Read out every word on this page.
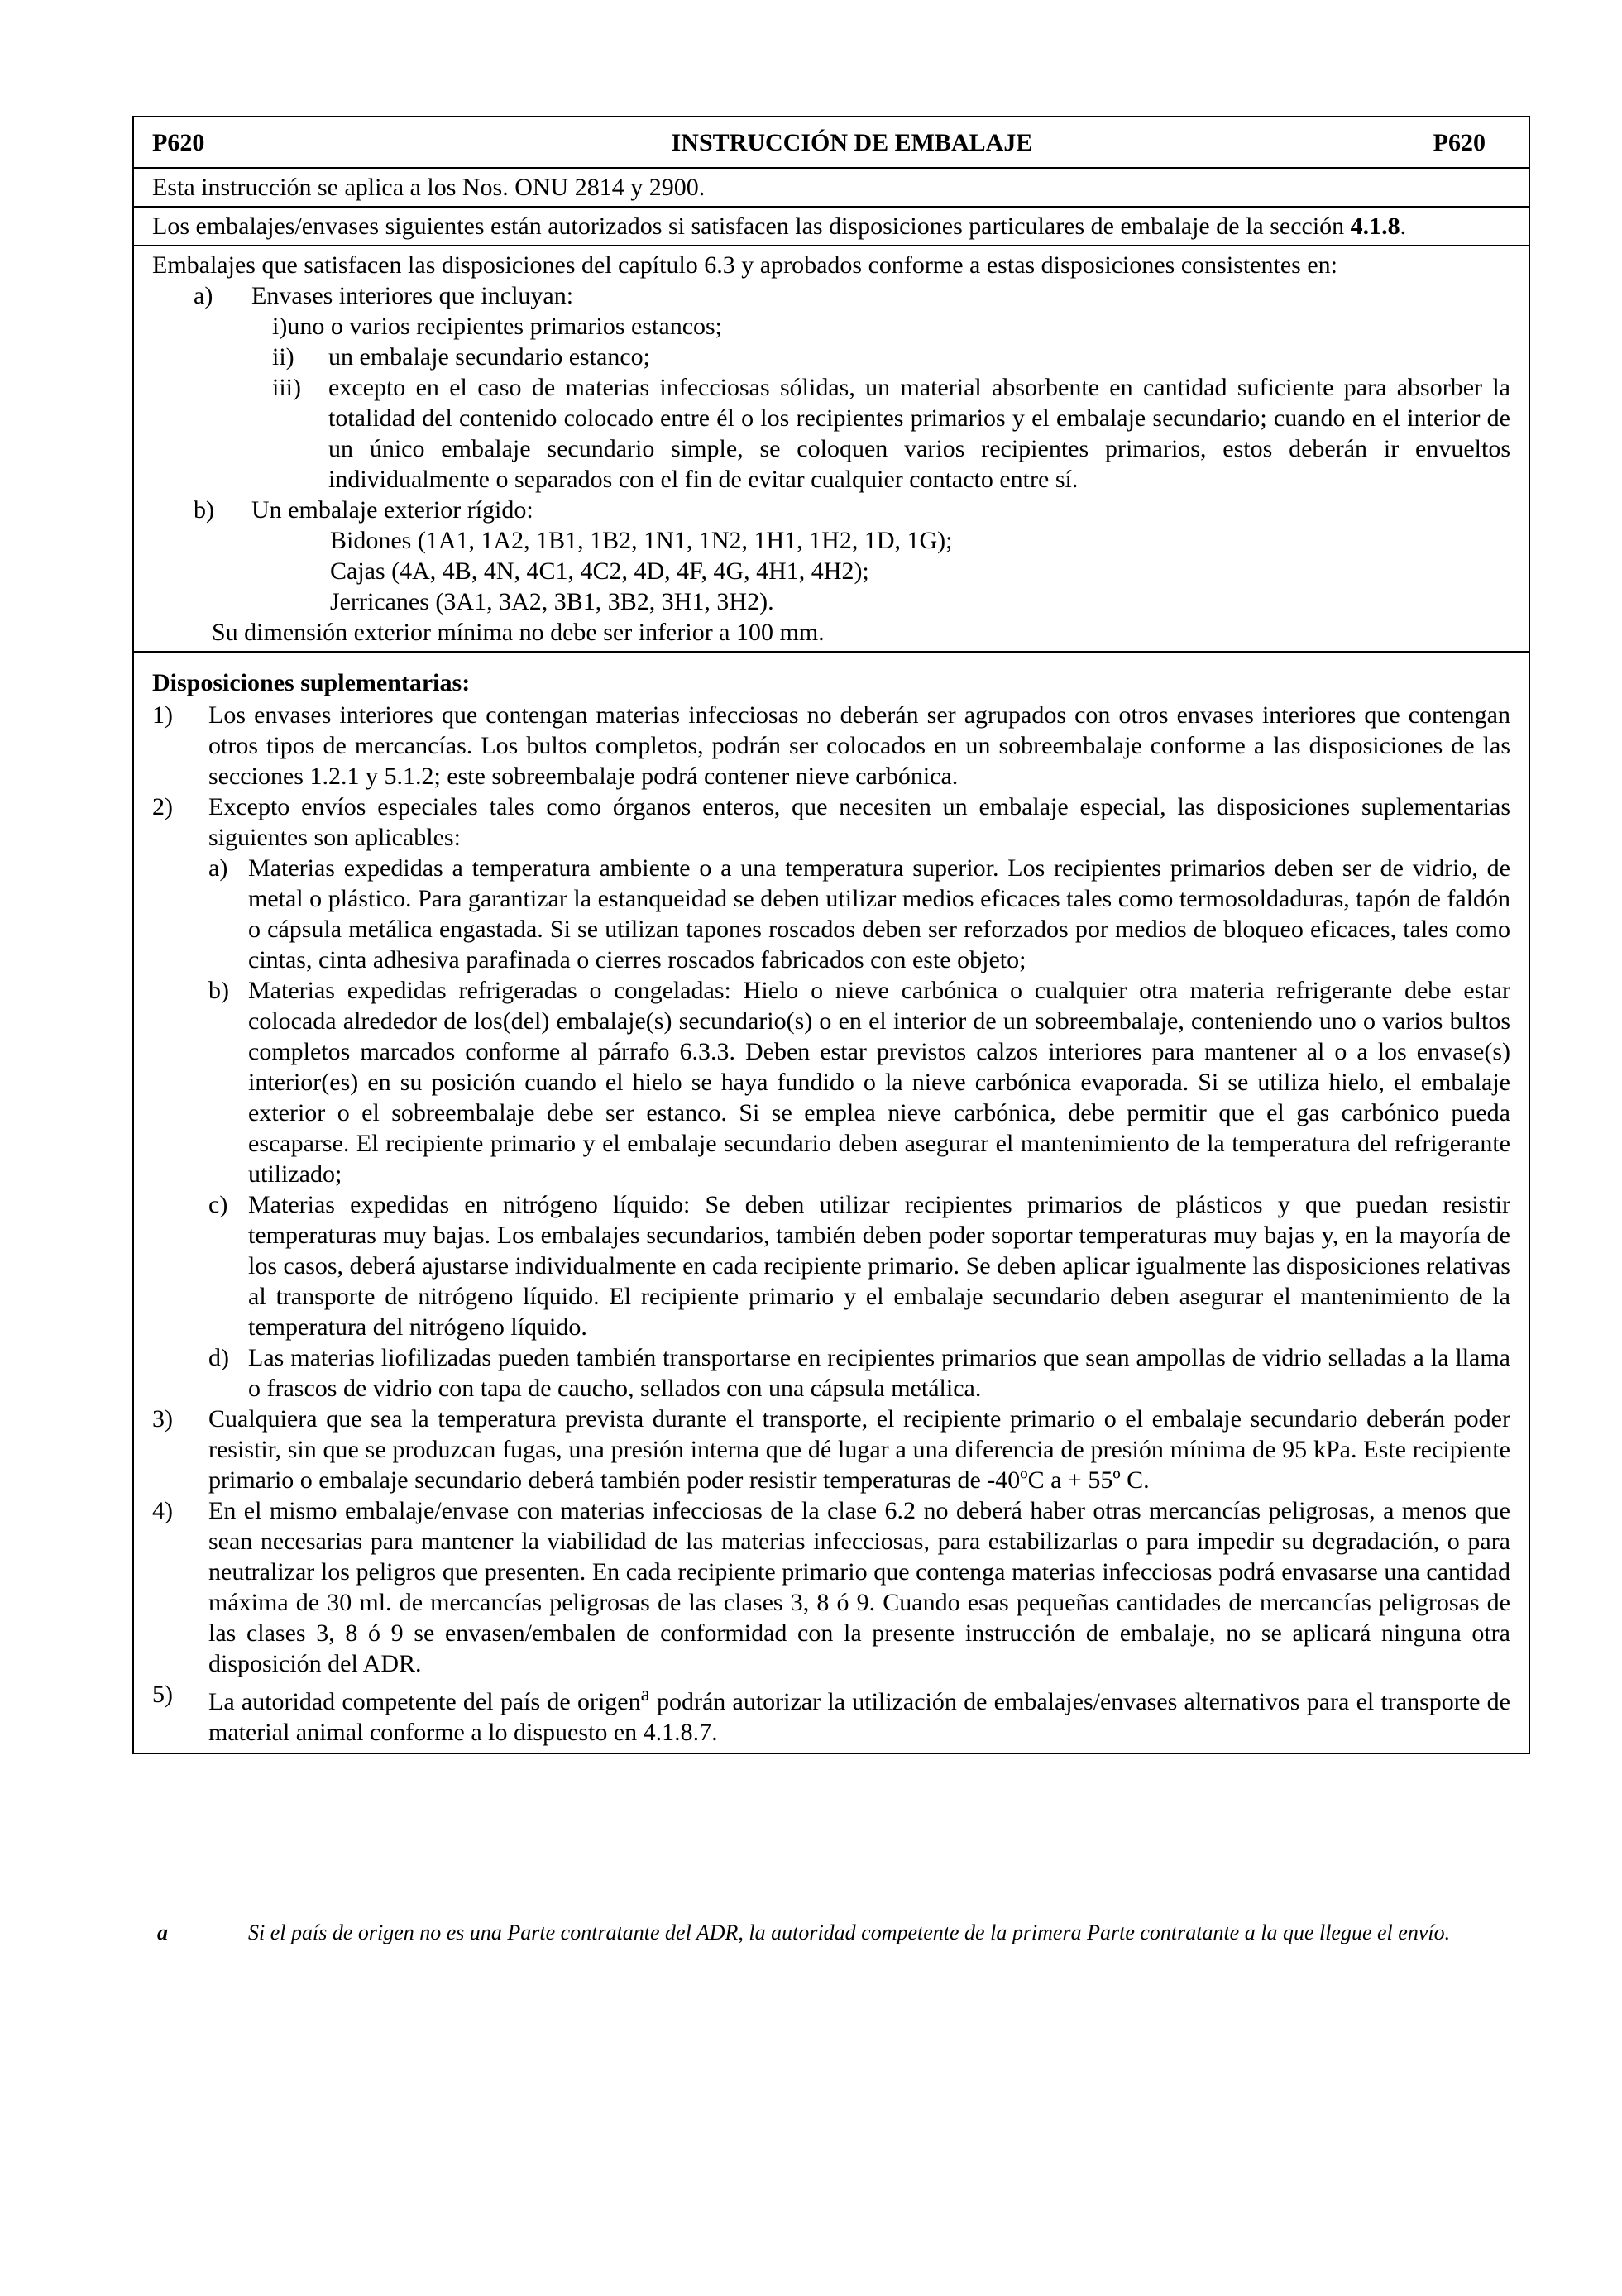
P620	INSTRUCCIÓN DE EMBALAJE	P620
Esta instrucción se aplica a los Nos. ONU 2814 y 2900.
Los embalajes/envases siguientes están autorizados si satisfacen las disposiciones particulares de embalaje de la sección 4.1.8.
Embalajes que satisfacen las disposiciones del capítulo 6.3 y aprobados conforme a estas disposiciones consistentes en:
a)	Envases interiores que incluyan:
i) uno o varios recipientes primarios estancos;
ii)	un embalaje secundario estanco;
iii)	excepto en el caso de materias infecciosas sólidas, un material absorbente en cantidad suficiente para absorber la totalidad del contenido colocado entre él o los recipientes primarios y el embalaje secundario; cuando en el interior de un único embalaje secundario simple, se coloquen varios recipientes primarios, estos deberán ir envueltos individualmente o separados con el fin de evitar cualquier contacto entre sí.
b)	Un embalaje exterior rígido:
Bidones (1A1, 1A2, 1B1, 1B2, 1N1, 1N2, 1H1, 1H2, 1D, 1G);
Cajas (4A, 4B, 4N, 4C1, 4C2, 4D, 4F, 4G, 4H1, 4H2);
Jerricanes (3A1, 3A2, 3B1, 3B2, 3H1, 3H2).
Su dimensión exterior mínima no debe ser inferior a 100 mm.
Disposiciones suplementarias:
1)	Los envases interiores que contengan materias infecciosas no deberán ser agrupados con otros envases interiores que contengan otros tipos de mercancías. Los bultos completos, podrán ser colocados en un sobreembalaje conforme a las disposiciones de las secciones 1.2.1 y 5.1.2; este sobreembalaje podrá contener nieve carbónica.
2)	Excepto envíos especiales tales como órganos enteros, que necesiten un embalaje especial, las disposiciones suplementarias siguientes son aplicables:
a) Materias expedidas a temperatura ambiente o a una temperatura superior. Los recipientes primarios deben ser de vidrio, de metal o plástico. Para garantizar la estanqueidad se deben utilizar medios eficaces tales como termosoldaduras, tapón de faldón o cápsula metálica engastada. Si se utilizan tapones roscados deben ser reforzados por medios de bloqueo eficaces, tales como cintas, cinta adhesiva parafinada o cierres roscados fabricados con este objeto;
b) Materias expedidas refrigeradas o congeladas: Hielo o nieve carbónica o cualquier otra materia refrigerante debe estar colocada alrededor de los(del) embalaje(s) secundario(s) o en el interior de un sobreembalaje, conteniendo uno o varios bultos completos marcados conforme al párrafo 6.3.3. Deben estar previstos calzos interiores para mantener al o a los envase(s) interior(es) en su posición cuando el hielo se haya fundido o la nieve carbónica evaporada. Si se utiliza hielo, el embalaje exterior o el sobreembalaje debe ser estanco. Si se emplea nieve carbónica, debe permitir que el gas carbónico pueda escaparse. El recipiente primario y el embalaje secundario deben asegurar el mantenimiento de la temperatura del refrigerante utilizado;
c) Materias expedidas en nitrógeno líquido: Se deben utilizar recipientes primarios de plásticos y que puedan resistir temperaturas muy bajas. Los embalajes secundarios, también deben poder soportar temperaturas muy bajas y, en la mayoría de los casos, deberá ajustarse individualmente en cada recipiente primario. Se deben aplicar igualmente las disposiciones relativas al transporte de nitrógeno líquido. El recipiente primario y el embalaje secundario deben asegurar el mantenimiento de la temperatura del nitrógeno líquido.
d) Las materias liofilizadas pueden también transportarse en recipientes primarios que sean ampollas de vidrio selladas a la llama o frascos de vidrio con tapa de caucho, sellados con una cápsula metálica.
3)	Cualquiera que sea la temperatura prevista durante el transporte, el recipiente primario o el embalaje secundario deberán poder resistir, sin que se produzcan fugas, una presión interna que dé lugar a una diferencia de presión mínima de 95 kPa. Este recipiente primario o embalaje secundario deberá también poder resistir temperaturas de -40ºC a + 55º C.
4)	En el mismo embalaje/envase con materias infecciosas de la clase 6.2 no deberá haber otras mercancías peligrosas, a menos que sean necesarias para mantener la viabilidad de las materias infecciosas, para estabilizarlas o para impedir su degradación, o para neutralizar los peligros que presenten. En cada recipiente primario que contenga materias infecciosas podrá envasarse una cantidad máxima de 30 ml. de mercancías peligrosas de las clases 3, 8 ó 9. Cuando esas pequeñas cantidades de mercancías peligrosas de las clases 3, 8 ó 9 se envasen/embalen de conformidad con la presente instrucción de embalaje, no se aplicará ninguna otra disposición del ADR.
5)	La autoridad competente del país de origen$^a$ podrán autorizar la utilización de embalajes/envases alternativos para el transporte de material animal conforme a lo dispuesto en 4.1.8.7.
a	Si el país de origen no es una Parte contratante del ADR, la autoridad competente de la primera Parte contratante a la que llegue el envío.
